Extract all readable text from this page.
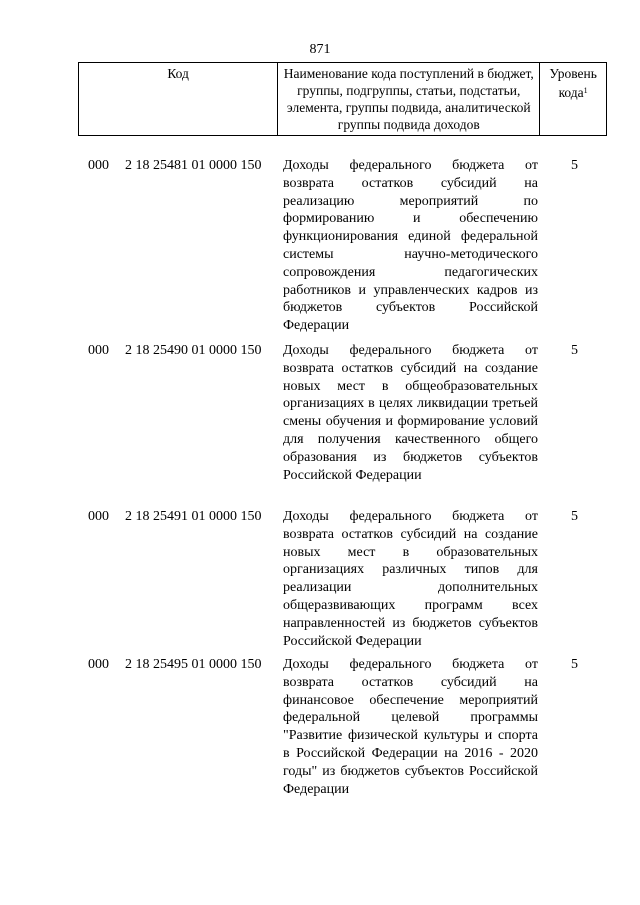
871
Код	Наименование кода поступлений в бюджет, группы, подгруппы, статьи, подстатьи, элемента, группы подвида, аналитической группы подвида доходов
Уровень кода$^1$
000 2 18 25481 01 0000 150 Доходы федерального бюджета от возврата остатков субсидий на реализацию мероприятий по формированию и обеспечению функционирования единой федеральной системы научно-методического сопровождения педагогических работников и управленческих кадров из бюджетов субъектов Российской Федерации
5
000 2 18 25490 01 0000 150 Доходы федерального бюджета от возврата остатков субсидий на создание новых мест в общеобразовательных организациях в целях ликвидации третьей смены обучения и формирование условий для получения качественного общего образования из бюджетов субъектов Российской Федерации
5
000 2 18 25491 01 0000 150 Доходы федерального бюджета от возврата остатков субсидий на создание новых мест в образовательных организациях различных типов для реализации дополнительных общеразвивающих программ всех направленностей из бюджетов субъектов Российской Федерации
5
000 2 18 25495 01 0000 150 Доходы федерального бюджета от возврата остатков субсидий на финансовое обеспечение мероприятий федеральной целевой программы "Развитие физической культуры и спорта в Российской Федерации на 2016 - 2020 годы" из бюджетов субъектов Российской Федерации
5
